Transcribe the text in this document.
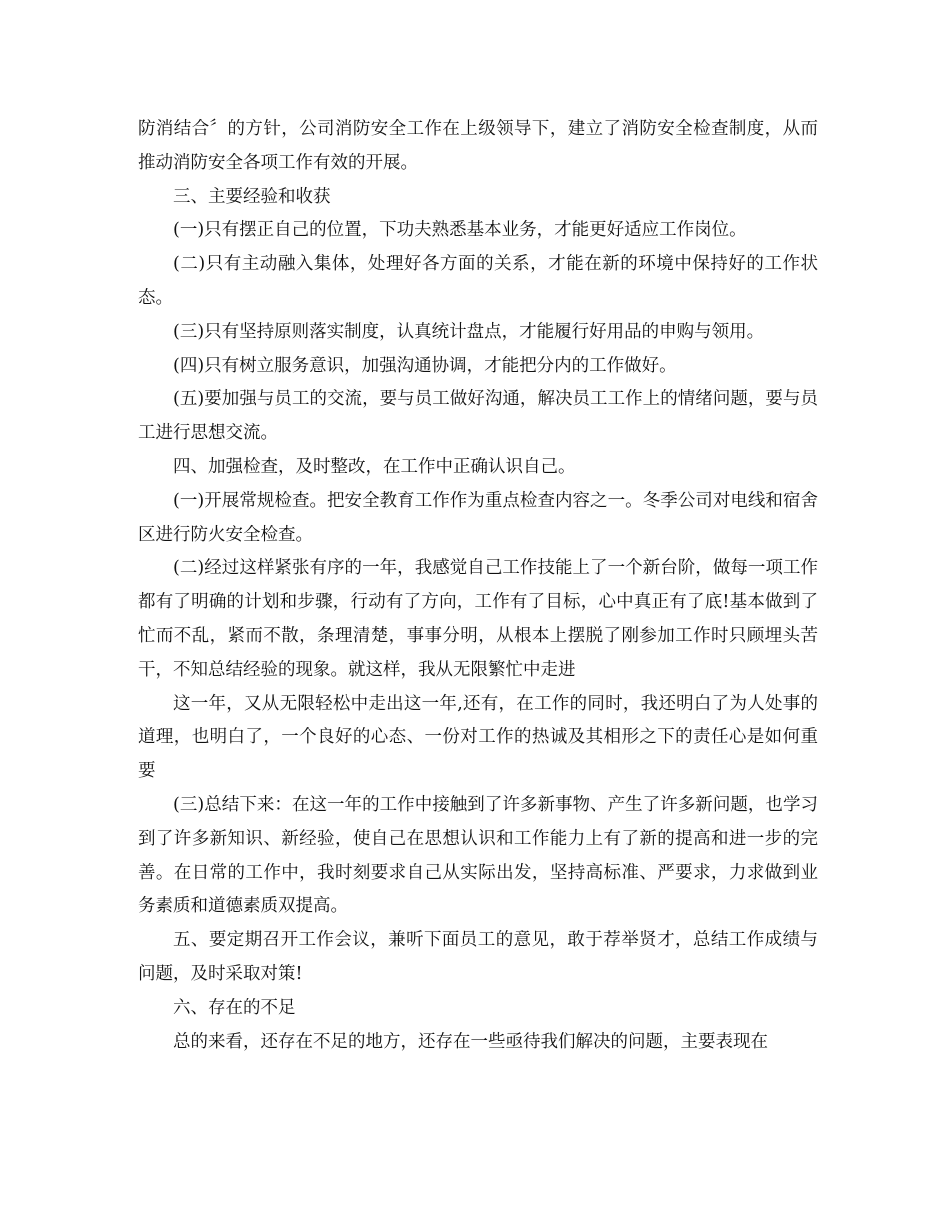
防消结合〞的方针，公司消防安全工作在上级领导下，建立了消防安全检查制度，从而推动消防安全各项工作有效的开展。

三、主要经验和收获

(一)只有摆正自己的位置，下功夫熟悉基本业务，才能更好适应工作岗位。

(二)只有主动融入集体，处理好各方面的关系，才能在新的环境中保持好的工作状态。

(三)只有坚持原则落实制度，认真统计盘点，才能履行好用品的申购与领用。

(四)只有树立服务意识，加强沟通协调，才能把分内的工作做好。

(五)要加强与员工的交流，要与员工做好沟通，解决员工工作上的情绪问题，要与员工进行思想交流。

四、加强检查，及时整改，在工作中正确认识自己。

(一)开展常规检查。把安全教育工作作为重点检查内容之一。冬季公司对电线和宿舍区进行防火安全检查。

(二)经过这样紧张有序的一年，我感觉自己工作技能上了一个新台阶，做每一项工作都有了明确的计划和步骤，行动有了方向，工作有了目标，心中真正有了底!基本做到了忙而不乱，紧而不散，条理清楚，事事分明，从根本上摆脱了刚参加工作时只顾埋头苦干，不知总结经验的现象。就这样，我从无限繁忙中走进

这一年，又从无限轻松中走出这一年,还有，在工作的同时，我还明白了为人处事的道理，也明白了，一个良好的心态、一份对工作的热诚及其相形之下的责任心是如何重要

(三)总结下来：在这一年的工作中接触到了许多新事物、产生了许多新问题，也学习到了许多新知识、新经验，使自己在思想认识和工作能力上有了新的提高和进一步的完善。在日常的工作中，我时刻要求自己从实际出发，坚持高标准、严要求，力求做到业务素质和道德素质双提高。

五、要定期召开工作会议，兼听下面员工的意见，敢于荐举贤才，总结工作成绩与问题，及时采取对策!

六、存在的不足

总的来看，还存在不足的地方，还存在一些亟待我们解决的问题，主要表现在
